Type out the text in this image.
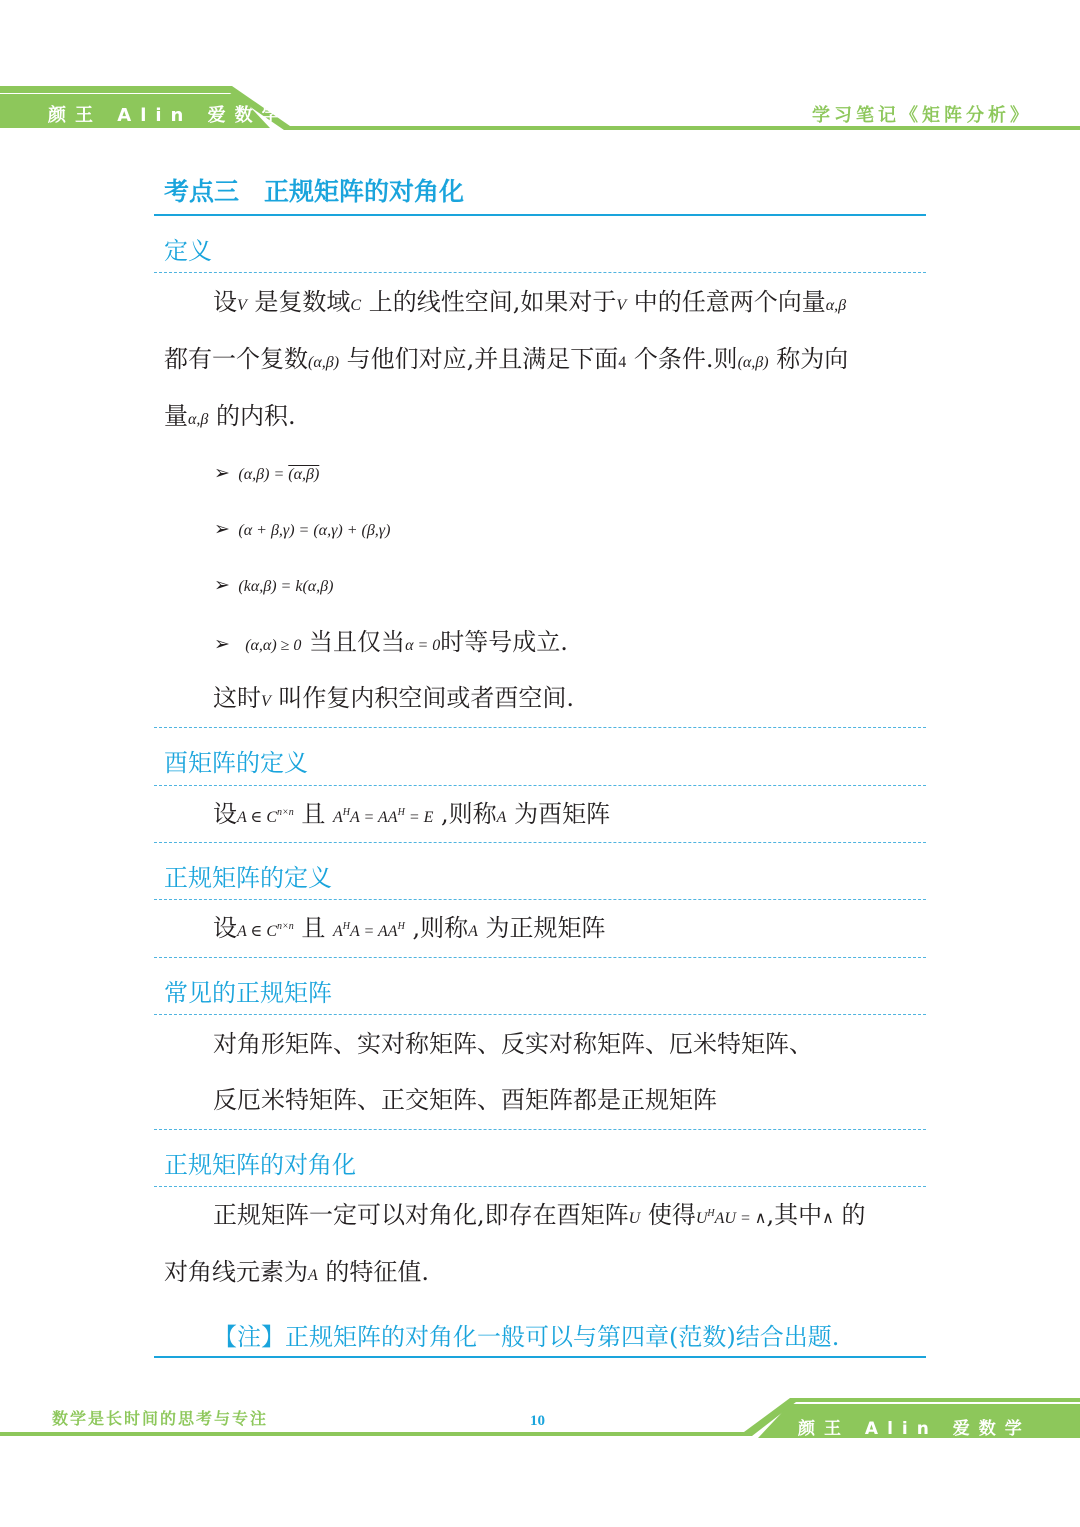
颜王 Alin 爱数学	学习笔记《矩阵分析》
考点三　正规矩阵的对角化
定义
设V 是复数域C 上的线性空间,如果对于V 中的任意两个向量α,β
都有一个复数(α,β) 与他们对应,并且满足下面4 个条件.则(α,β) 称为向
量α,β 的内积.
➢ (α,β) = (α,β)
➢ (α + β,γ) = (α,γ) + (β,γ)
➢ (kα,β) = k(α,β)
➢ (α,α) ≥ 0 当且仅当α = 0时等号成立.
这时V 叫作复内积空间或者酉空间.
酉矩阵的定义
设A ∈ $C^{n\times n}$ 且 $A^HA = AA^H = E$ ,则称A 为酉矩阵
正规矩阵的定义
设A ∈ $C^{n\times n}$ 且 $A^HA = AA^H$ ,则称A 为正规矩阵
常见的正规矩阵
对角形矩阵、实对称矩阵、反实对称矩阵、厄米特矩阵、
反厄米特矩阵、正交矩阵、酉矩阵都是正规矩阵
正规矩阵的对角化
正规矩阵一定可以对角化,即存在酉矩阵U 使得$U^HAU$ = ∧,其中∧ 的
对角线元素为A 的特征值.
【注】正规矩阵的对角化一般可以与第四章(范数)结合出题.
数学是长时间的思考与专注	10	颜王 Alin 爱数学
